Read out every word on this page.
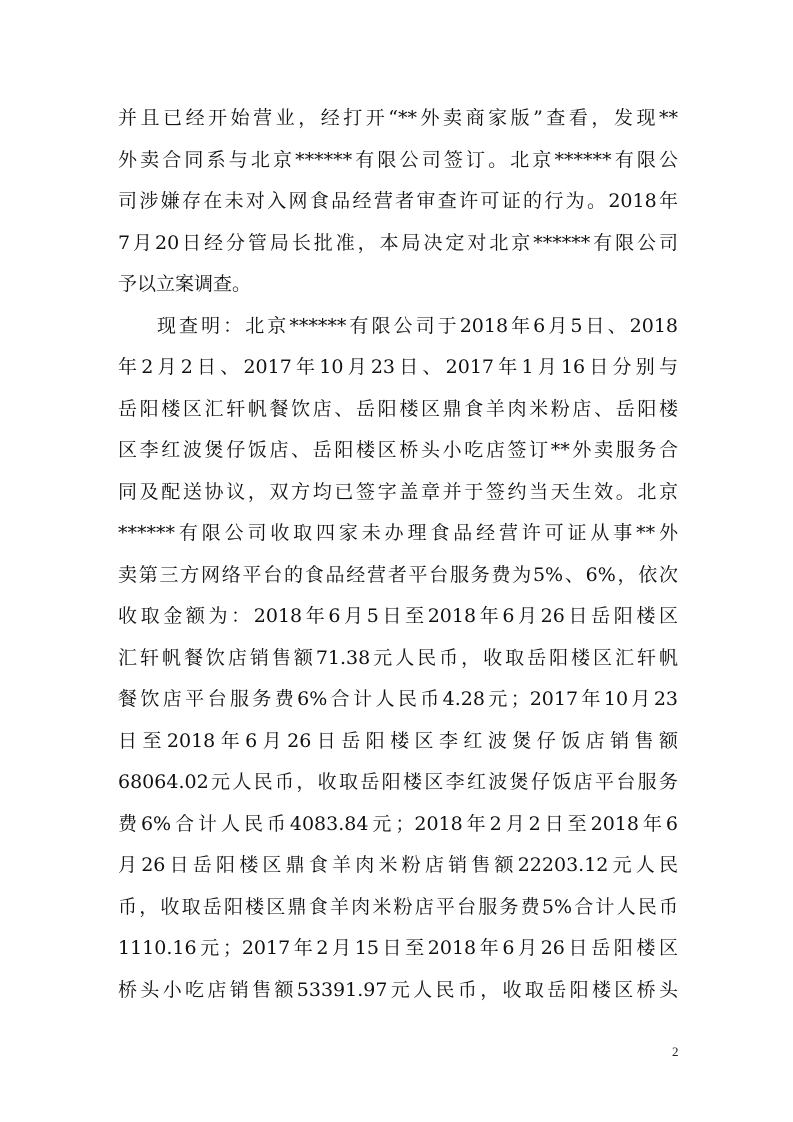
并且已经开始营业，经打开“**外卖商家版”查看，发现**
外卖合同系与北京******有限公司签订。北京******有限公
司涉嫌存在未对入网食品经营者审查许可证的行为。2018年
7月20日经分管局长批准，本局决定对北京******有限公司
予以立案调查。
现查明：北京******有限公司于2018年6月5日、2018
年2月2日、2017年10月23日、2017年1月16日分别与
岳阳楼区汇轩帆餐饮店、岳阳楼区鼎食羊肉米粉店、岳阳楼
区李红波煲仔饭店、岳阳楼区桥头小吃店签订**外卖服务合
同及配送协议，双方均已签字盖章并于签约当天生效。北京
******有限公司收取四家未办理食品经营许可证从事**外
卖第三方网络平台的食品经营者平台服务费为5%、6%，依次
收取金额为：2018年6月5日至2018年6月26日岳阳楼区
汇轩帆餐饮店销售额71.38元人民币，收取岳阳楼区汇轩帆
餐饮店平台服务费6%合计人民币4.28元；2017年10月23
日至2018年6月26日岳阳楼区李红波煲仔饭店销售额
68064.02元人民币，收取岳阳楼区李红波煲仔饭店平台服务
费6%合计人民币4083.84元；2018年2月2日至2018年6
月26日岳阳楼区鼎食羊肉米粉店销售额22203.12元人民
币，收取岳阳楼区鼎食羊肉米粉店平台服务费5%合计人民币
1110.16元；2017年2月15日至2018年6月26日岳阳楼区
桥头小吃店销售额53391.97元人民币，收取岳阳楼区桥头
2
